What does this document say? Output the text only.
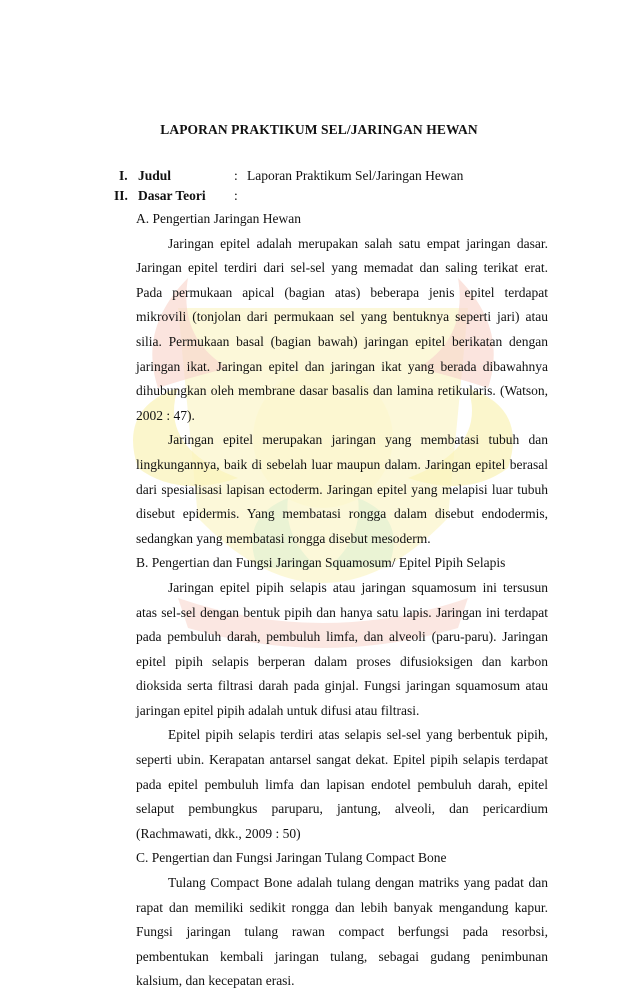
LAPORAN PRAKTIKUM SEL/JARINGAN HEWAN
I. Judul	: Laporan Praktikum Sel/Jaringan Hewan
II. Dasar Teori :

A. Pengertian Jaringan Hewan

Jaringan epitel adalah merupakan salah satu empat jaringan dasar. Jaringan epitel terdiri dari sel-sel yang memadat dan saling terikat erat. Pada permukaan apical (bagian atas) beberapa jenis epitel terdapat mikrovili (tonjolan dari permukaan sel yang bentuknya seperti jari) atau silia. Permukaan basal (bagian bawah) jaringan epitel berikatan dengan jaringan ikat. Jaringan epitel dan jaringan ikat yang berada dibawahnya dihubungkan oleh membrane dasar basalis dan lamina retikularis. (Watson, 2002 : 47).

Jaringan epitel merupakan jaringan yang membatasi tubuh dan lingkungannya, baik di sebelah luar maupun dalam. Jaringan epitel berasal dari spesialisasi lapisan ectoderm. Jaringan epitel yang melapisi luar tubuh disebut epidermis. Yang membatasi rongga dalam disebut endodermis, sedangkan yang membatasi rongga disebut mesoderm.

B. Pengertian dan Fungsi Jaringan Squamosum/ Epitel Pipih Selapis

Jaringan epitel pipih selapis atau jaringan squamosum ini tersusun atas sel-sel dengan bentuk pipih dan hanya satu lapis. Jaringan ini terdapat pada pembuluh darah, pembuluh limfa, dan alveoli (paru-paru). Jaringan epitel pipih selapis berperan dalam proses difusioksigen dan karbon dioksida serta filtrasi darah pada ginjal. Fungsi jaringan squamosum atau jaringan epitel pipih adalah untuk difusi atau filtrasi.

Epitel pipih selapis terdiri atas selapis sel-sel yang berbentuk pipih, seperti ubin. Kerapatan antarsel sangat dekat. Epitel pipih selapis terdapat pada epitel pembuluh limfa dan lapisan endotel pembuluh darah, epitel selaput pembungkus paruparu, jantung, alveoli, dan pericardium (Rachmawati, dkk., 2009 : 50)

C. Pengertian dan Fungsi Jaringan Tulang Compact Bone

Tulang Compact Bone adalah tulang dengan matriks yang padat dan rapat dan memiliki sedikit rongga dan lebih banyak mengandung kapur. Fungsi jaringan tulang rawan compact berfungsi pada resorbsi, pembentukan kembali jaringan tulang, sebagai gudang penimbunan kalsium, dan kecepatan erasi.
